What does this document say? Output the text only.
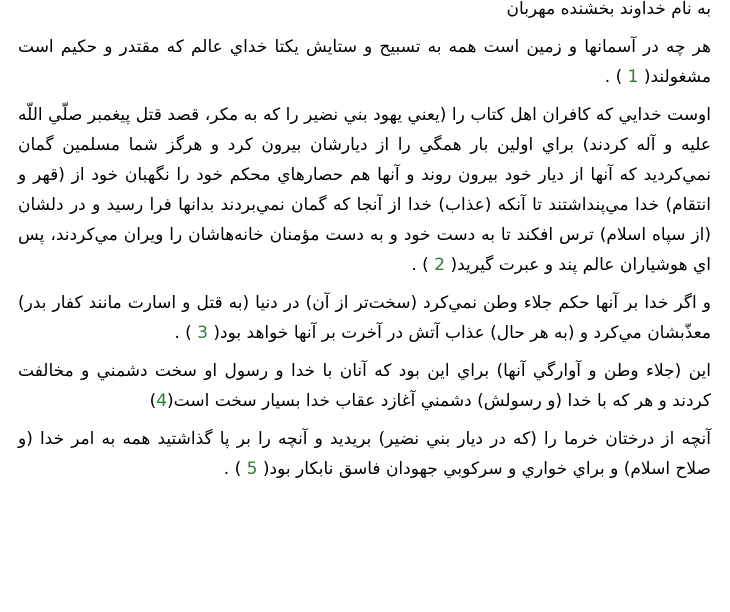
به نام خداوند بخشنده مهربان

هر چه در آسمانها و زمين است همه به تسبيح و ستايش يكتا خداي عالم كه مقتدر و حكيم است مشغولند( 1 ) .

اوست خدايي كه كافران اهل كتاب را (يعني يهود بني نضير را كه به مكر، قصد قتل پيغمبر صلّي اللّه عليه و آله كردند) براي اولين بار همگي را از ديارشان بيرون كرد و هرگز شما مسلمين گمان نمي‌كرديد كه آنها از ديار خود بيرون روند و آنها هم حصارهاي محكم خود را نگهبان خود از (قهر و انتقام) خدا مي‌پنداشتند تا آنكه (عذاب) خدا از آنجا كه گمان نمي‌بردند بدانها فرا رسيد و در دلشان (از سپاه اسلام) ترس افكند تا به دست خود و به دست مؤمنان خانه‌هاشان را ويران مي‌كردند، پس اي هوشياران عالم پند و عبرت گيريد( 2 ) .

و اگر خدا بر آنها حكم جلاء وطن نمي‌كرد (سخت‌تر از آن) در دنيا (به قتل و اسارت مانند كفار بدر) معذّبشان مي‌كرد و (به هر حال) عذاب آتش در آخرت بر آنها خواهد بود( 3 ) .

اين (جلاء وطن و آوارگي آنها) براي اين بود كه آنان با خدا و رسول او سخت دشمني و مخالفت كردند و هر كه با خدا (و رسولش) دشمني آغازد عقاب خدا بسيار سخت است(4)

آنچه از درختان خرما را (كه در ديار بني نضير) بريديد و آنچه را بر پا گذاشتيد همه به امر خدا (و صلاح اسلام) و براي خواري و سركوبي جهودان فاسق نابكار بود( 5 ) .
